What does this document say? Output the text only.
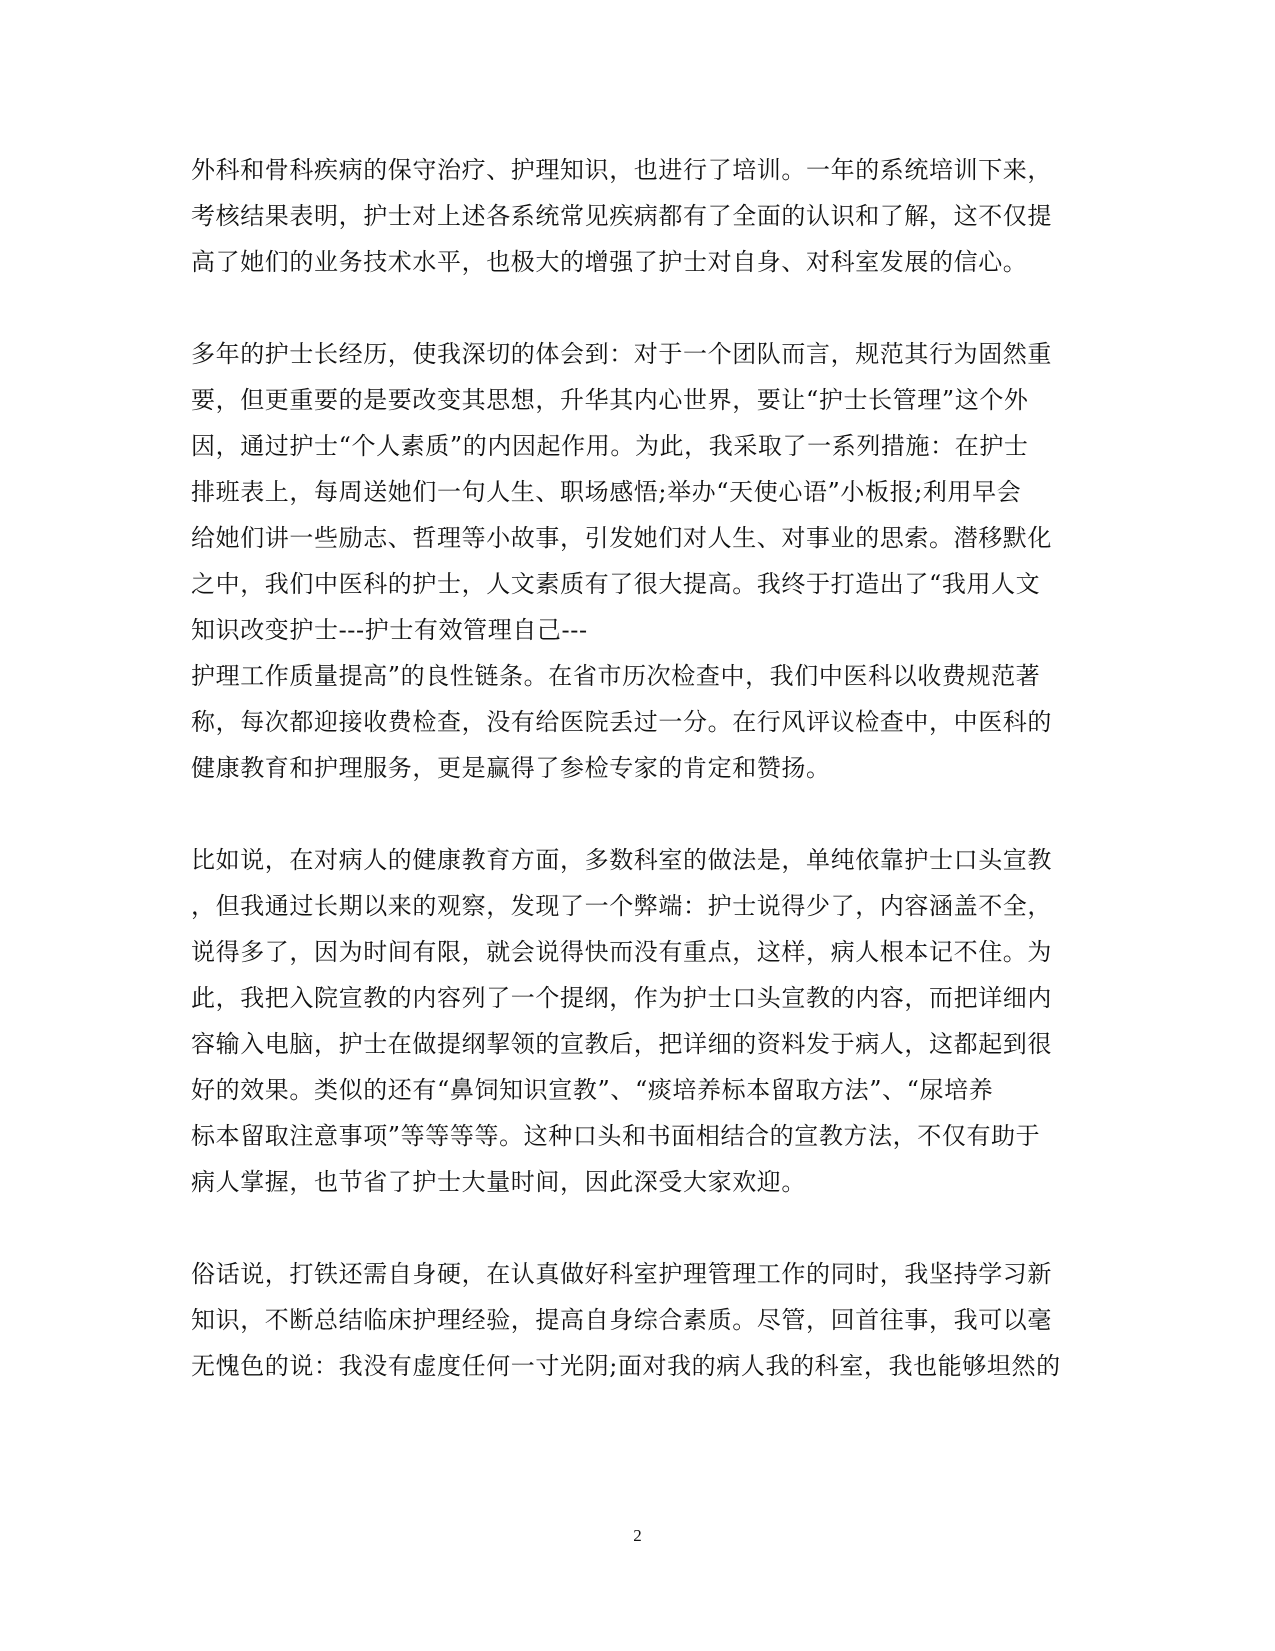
外科和骨科疾病的保守治疗、护理知识，也进行了培训。一年的系统培训下来，
考核结果表明，护士对上述各系统常见疾病都有了全面的认识和了解，这不仅提
高了她们的业务技术水平，也极大的增强了护士对自身、对科室发展的信心。
多年的护士长经历，使我深切的体会到：对于一个团队而言，规范其行为固然重
要，但更重要的是要改变其思想，升华其内心世界，要让“护士长管理”这个外
因，通过护士“个人素质”的内因起作用。为此，我采取了一系列措施：在护士
排班表上，每周送她们一句人生、职场感悟;举办“天使心语”小板报;利用早会
给她们讲一些励志、哲理等小故事，引发她们对人生、对事业的思索。潜移默化
之中，我们中医科的护士，人文素质有了很大提高。我终于打造出了“我用人文
知识改变护士---护士有效管理自己---
护理工作质量提高”的良性链条。在省市历次检查中，我们中医科以收费规范著
称，每次都迎接收费检查，没有给医院丢过一分。在行风评议检查中，中医科的
健康教育和护理服务，更是赢得了参检专家的肯定和赞扬。
比如说，在对病人的健康教育方面，多数科室的做法是，单纯依靠护士口头宣教
，但我通过长期以来的观察，发现了一个弊端：护士说得少了，内容涵盖不全，
说得多了，因为时间有限，就会说得快而没有重点，这样，病人根本记不住。为
此，我把入院宣教的内容列了一个提纲，作为护士口头宣教的内容，而把详细内
容输入电脑，护士在做提纲挈领的宣教后，把详细的资料发于病人，这都起到很
好的效果。类似的还有“鼻饲知识宣教”、“痰培养标本留取方法”、“尿培养
标本留取注意事项”等等等等。这种口头和书面相结合的宣教方法，不仅有助于
病人掌握，也节省了护士大量时间，因此深受大家欢迎。
俗话说，打铁还需自身硬，在认真做好科室护理管理工作的同时，我坚持学习新
知识，不断总结临床护理经验，提高自身综合素质。尽管，回首往事，我可以毫
无愧色的说：我没有虚度任何一寸光阴;面对我的病人我的科室，我也能够坦然的
2
